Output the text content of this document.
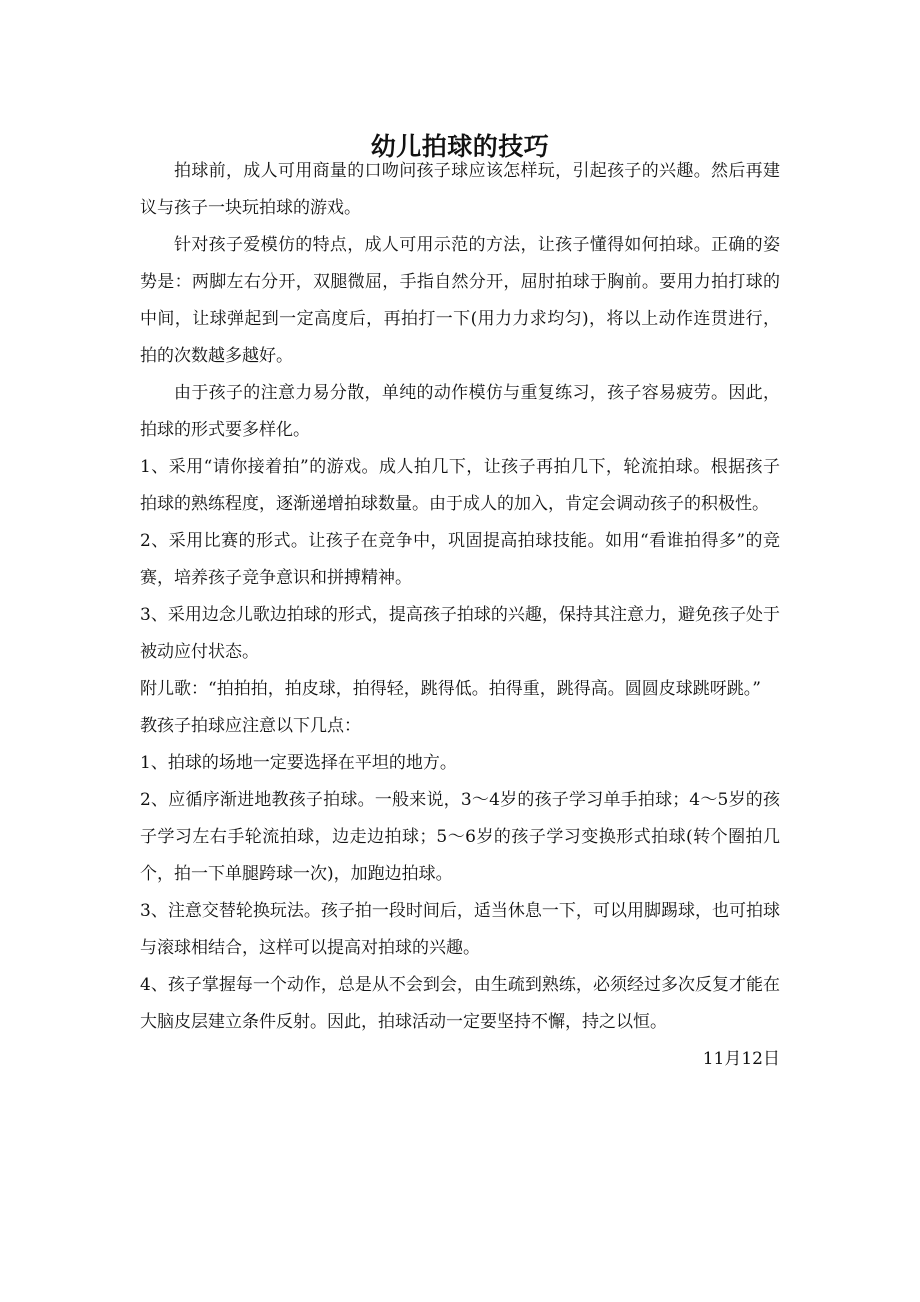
幼儿拍球的技巧

拍球前，成人可用商量的口吻问孩子球应该怎样玩，引起孩子的兴趣。然后再建议与孩子一块玩拍球的游戏。

针对孩子爱模仿的特点，成人可用示范的方法，让孩子懂得如何拍球。正确的姿势是：两脚左右分开，双腿微屈，手指自然分开，屈肘拍球于胸前。要用力拍打球的中间，让球弹起到一定高度后，再拍打一下(用力力求均匀)，将以上动作连贯进行，拍的次数越多越好。

由于孩子的注意力易分散，单纯的动作模仿与重复练习，孩子容易疲劳。因此，拍球的形式要多样化。

1、采用“请你接着拍”的游戏。成人拍几下，让孩子再拍几下，轮流拍球。根据孩子拍球的熟练程度，逐渐递增拍球数量。由于成人的加入，肯定会调动孩子的积极性。

2、采用比赛的形式。让孩子在竞争中，巩固提高拍球技能。如用“看谁拍得多”的竞赛，培养孩子竞争意识和拼搏精神。

3、采用边念儿歌边拍球的形式，提高孩子拍球的兴趣，保持其注意力，避免孩子处于被动应付状态。

附儿歌：“拍拍拍，拍皮球，拍得轻，跳得低。拍得重，跳得高。圆圆皮球跳呀跳。”

教孩子拍球应注意以下几点：

1、拍球的场地一定要选择在平坦的地方。

2、应循序渐进地教孩子拍球。一般来说，3～4岁的孩子学习单手拍球；4～5岁的孩子学习左右手轮流拍球，边走边拍球；5～6岁的孩子学习变换形式拍球(转个圈拍几个，拍一下单腿跨球一次)，加跑边拍球。

3、注意交替轮换玩法。孩子拍一段时间后，适当休息一下，可以用脚踢球，也可拍球与滚球相结合，这样可以提高对拍球的兴趣。

4、孩子掌握每一个动作，总是从不会到会，由生疏到熟练，必须经过多次反复才能在大脑皮层建立条件反射。因此，拍球活动一定要坚持不懈，持之以恒。

11月12日
